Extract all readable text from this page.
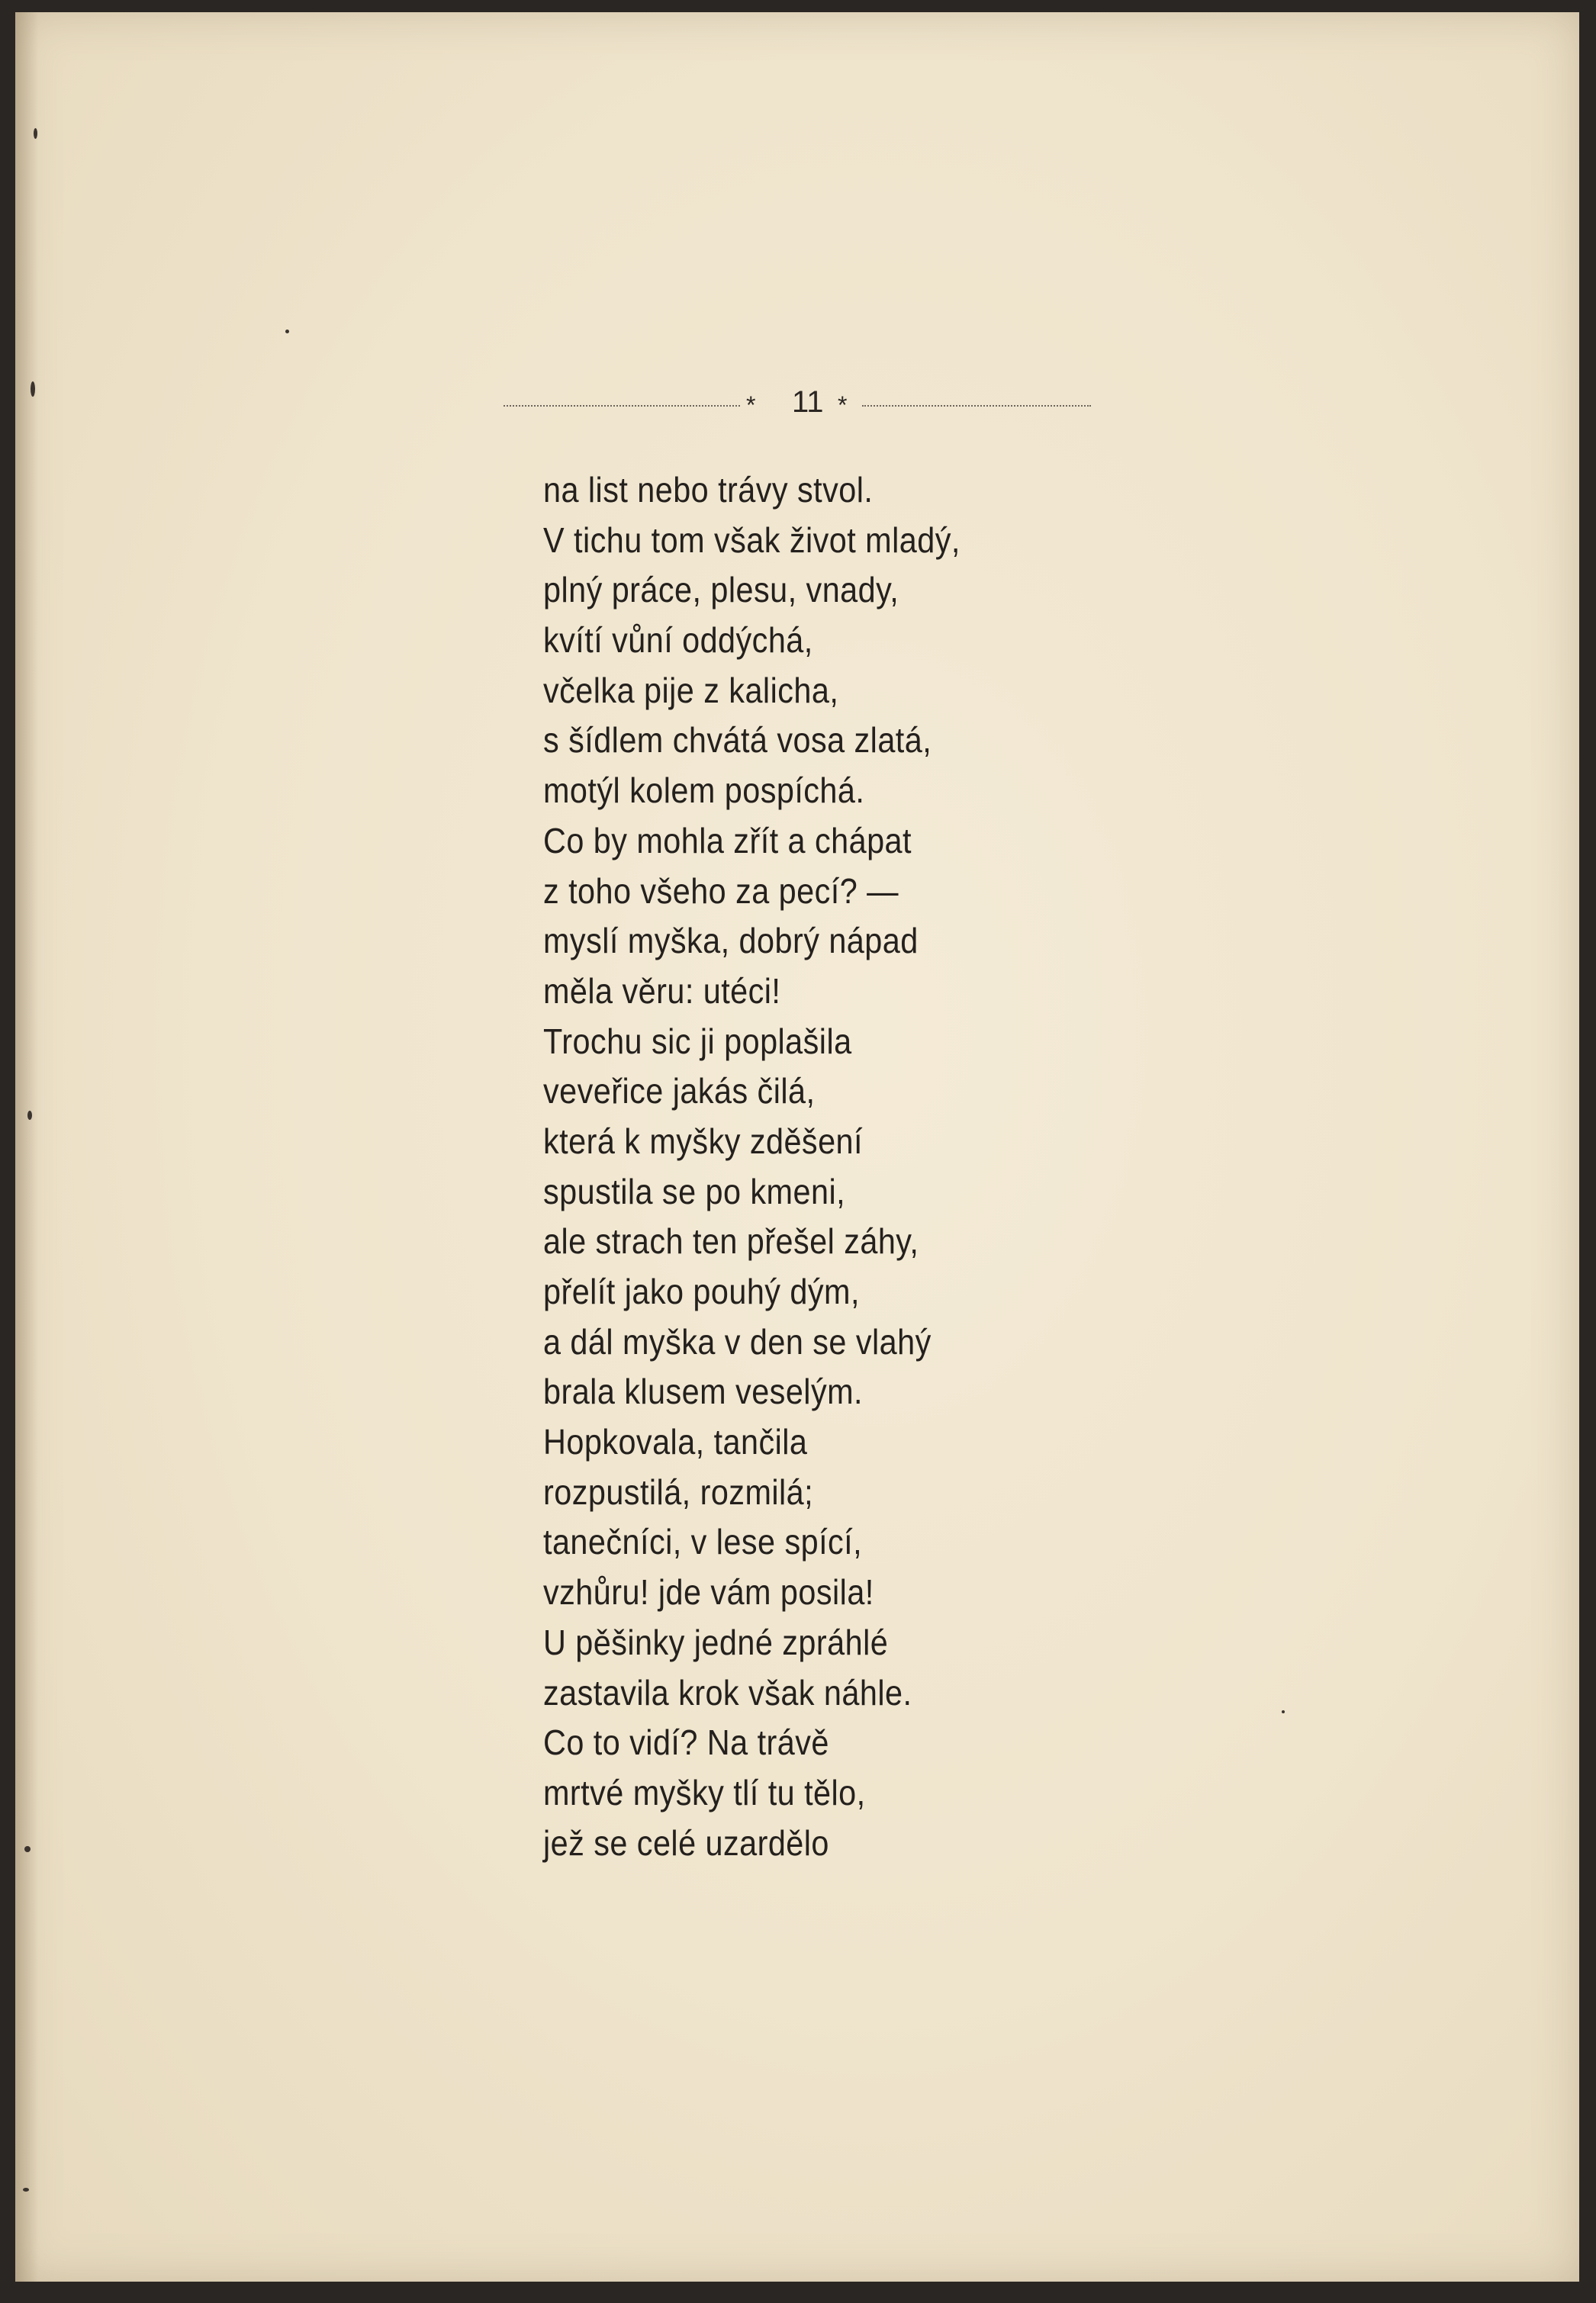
* 11 *
na list nebo trávy stvol.
V tichu tom však život mladý,
plný práce, plesu, vnady,
kvítí vůní oddýchá,
včelka pije z kalicha,
s šídlem chvátá vosa zlatá,
motýl kolem pospíchá.
Co by mohla zřít a chápat
z toho všeho za pecí? —
myslí myška, dobrý nápad
měla věru: utéci!
Trochu sic ji poplašila
veveřice jakás čilá,
která k myšky zděšení
spustila se po kmeni,
ale strach ten přešel záhy,
přelít jako pouhý dým,
a dál myška v den se vlahý
brala klusem veselým.
Hopkovala, tančila
rozpustilá, rozmilá;
tanečníci, v lese spící,
vzhůru! jde vám posila!
U pěšinky jedné zpráhlé
zastavila krok však náhle.
Co to vidí? Na trávě
mrtvé myšky tlí tu tělo,
jež se celé uzardělo
